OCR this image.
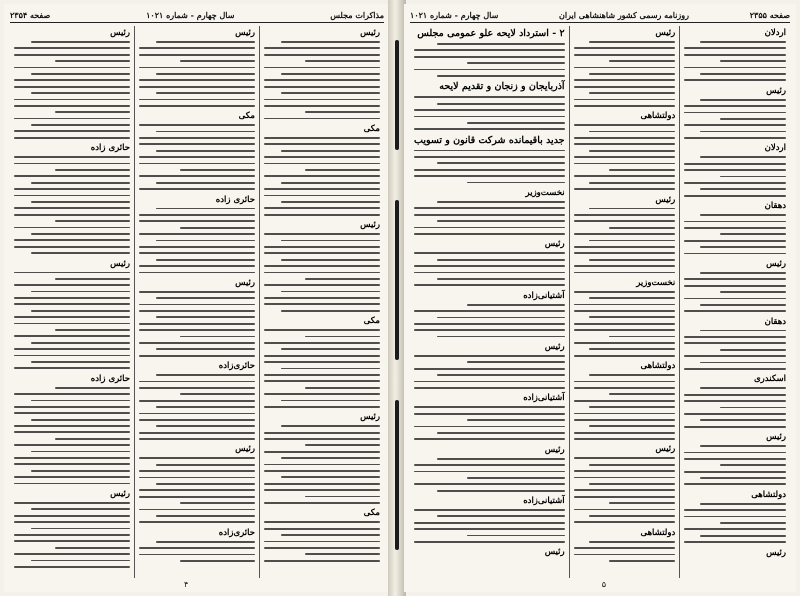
مذاکرات مجلس
سال چهارم - شماره ۱۰۲۱
صفحه ۲۳۵۴
رئیس
مکی
رئیس
مکی
رئیس
مکی
رئیس
مکی
حائری زاده
رئیس
حائری‌زاده
رئیس
حائری‌زاده
رئیس
حائری زاده
رئیس
حائری زاده
رئیس
۴
صفحه ۲۳۵۵
روزنامه رسمی کشور شاهنشاهی ایران
سال چهارم - شماره ۱۰۲۱
اردلان
رئیس
اردلان
دهقان
رئیس
دهقان
اسکندری
رئیس
دولتشاهی
رئیس
رئیس
دولتشاهی
رئیس
نخست‌وزیر
دولتشاهی
رئیس
دولتشاهی
۲ - استرداد لایحه علو عمومی مجلس
آذربایجان و زنجان و تقدیم لایحه
جدید باقیمانده شرکت قانون و تسویب
نخست‌وزیر
رئیس
آشتیانی‌زاده
رئیس
آشتیانی‌زاده
رئیس
آشتیانی‌زاده
رئیس
۵
